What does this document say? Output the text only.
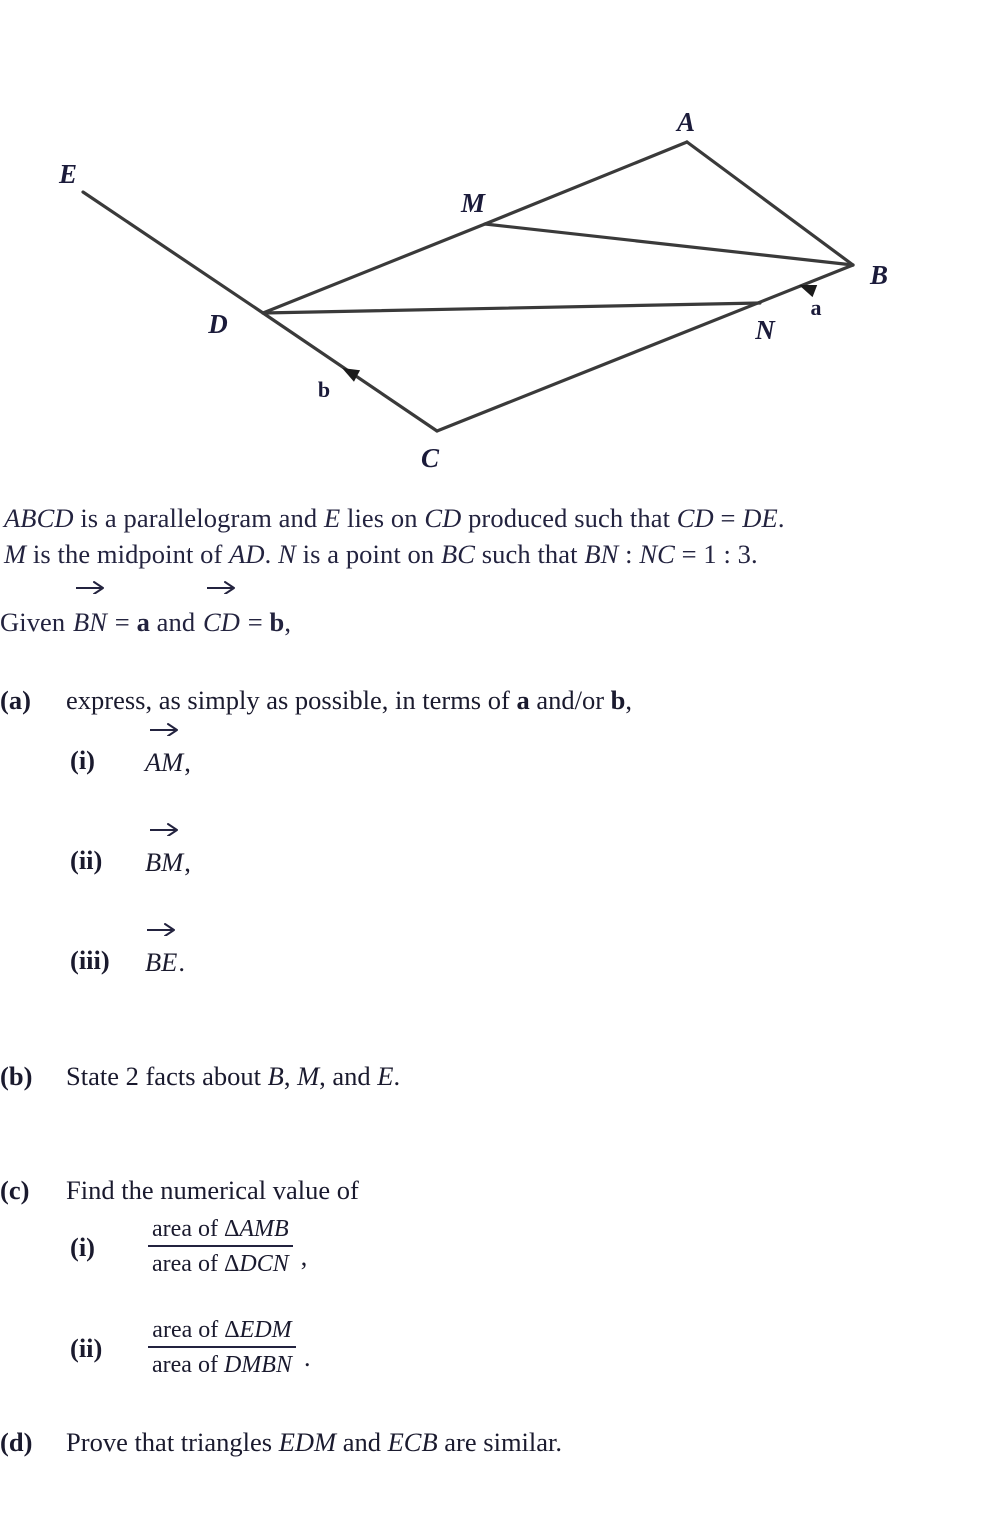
E
A
M
B
D	N
C
a
b
ABCD is a parallelogram and E lies on CD produced such that CD = DE.
M is the midpoint of AD. N is a point on BC such that BN : NC = 1 : 3.
Given BN = a and
CD = b,
(a)	express, as simply as possible, in terms of a and/or b,
(i)	AM,
(ii)	BM,
(iii)	BE.
(b)	State 2 facts about B, M, and E.
(c)	Find the numerical value of
(i)	$\frac{\text{area of ΔAMB}}{\text{area of ΔDCN}}$ ,
(ii)	$\frac{\text{area of ΔEDM}}{\text{area of DMBN}}$ .
(d)	Prove that triangles EDM and ECB are similar.
